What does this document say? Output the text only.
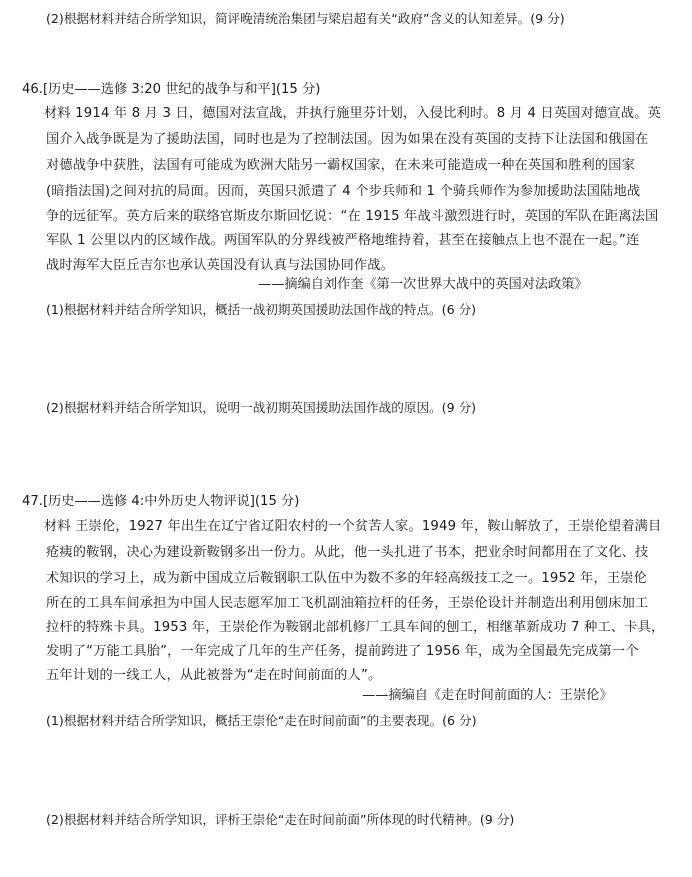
(2)根据材料并结合所学知识，简评晚清统治集团与梁启超有关“政府”含义的认知差异。(9 分)
46.[历史——选修 3:20 世纪的战争与和平](15 分)
材料 1914 年 8 月 3 日，德国对法宣战，并执行施里芬计划，入侵比利时。8 月 4 日英国对德宣战。英
国介入战争既是为了援助法国，同时也是为了控制法国。因为如果在没有英国的支持下让法国和俄国在
对德战争中获胜，法国有可能成为欧洲大陆另一霸权国家，在未来可能造成一种在英国和胜利的国家
(暗指法国)之间对抗的局面。因而，英国只派遣了 4 个步兵师和 1 个骑兵师作为参加援助法国陆地战
争的远征军。英方后来的联络官斯皮尔斯回忆说：“在 1915 年战斗激烈进行时，英国的军队在距离法国
军队 1 公里以内的区域作战。两国军队的分界线被严格地维持着，甚至在接触点上也不混在一起。”连
战时海军大臣丘吉尔也承认英国没有认真与法国协同作战。
——摘编自刘作奎《第一次世界大战中的英国对法政策》
(1)根据材料并结合所学知识，概括一战初期英国援助法国作战的特点。(6 分)
(2)根据材料并结合所学知识，说明一战初期英国援助法国作战的原因。(9 分)
47.[历史——选修 4:中外历史人物评说](15 分)
材料 王崇伦，1927 年出生在辽宁省辽阳农村的一个贫苦人家。1949 年，鞍山解放了，王崇伦望着满目
疮痍的鞍钢，决心为建设新鞍钢多出一份力。从此，他一头扎进了书本，把业余时间都用在了文化、技
术知识的学习上，成为新中国成立后鞍钢职工队伍中为数不多的年轻高级技工之一。1952 年，王崇伦
所在的工具车间承担为中国人民志愿军加工飞机副油箱拉杆的任务，王崇伦设计并制造出利用刨床加工
拉杆的特殊卡具。1953 年，王崇伦作为鞍钢北部机修厂工具车间的刨工，相继革新成功 7 种工、卡具，
发明了“万能工具胎”，一年完成了几年的生产任务，提前跨进了 1956 年，成为全国最先完成第一个
五年计划的一线工人，从此被誉为“走在时间前面的人”。
——摘编自《走在时间前面的人：王崇伦》
(1)根据材料并结合所学知识，概括王崇伦“走在时间前面”的主要表现。(6 分)
(2)根据材料并结合所学知识，评析王崇伦“走在时间前面”所体现的时代精神。(9 分)
